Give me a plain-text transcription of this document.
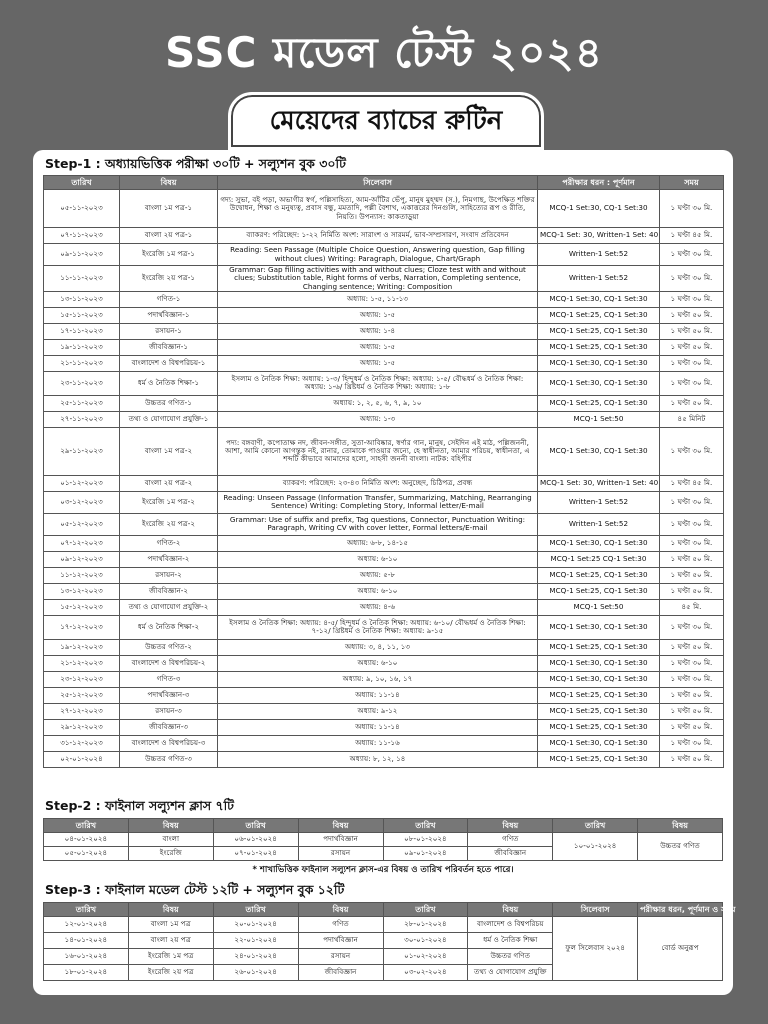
SSC মডেল টেস্ট ২০২৪
মেয়েদের ব্যাচের রুটিন
Step-1 : অধ্যায়ভিত্তিক পরীক্ষা ৩০টি + সল্যুশন বুক ৩০টি
তারিখ	বিষয়	সিলেবাস	পরীক্ষার ধরন : পূর্ণমান	সময়
০৫-১১-২০২৩	বাংলা ১ম পত্র-১	গদ্য: সুভা, বই পড়া, অভাগীর স্বর্গ, পল্লিসাহিত্য, আম-আঁটির ভেঁপু, মানুষ মুহম্মদ (স.), নিমগাছ, উপেক্ষিত শক্তির উদ্বোধন, শিক্ষা ও মনুষ্যত্ব, প্রবাস বন্ধু, মমতাদি, পল্লী বৈশাখ, একাত্তরের দিনগুলি, সাহিত্যের রূপ ও রীতি, নিয়তি। উপন্যাস: কাকতাড়ুয়া	MCQ-1 Set:30, CQ-1 Set:30	১ ঘণ্টা ৩০ মি.
০৭-১১-২০২৩	বাংলা ২য় পত্র-১	ব্যাকরণ: পরিচ্ছেদ: ১-২২ নির্মিতি অংশ: সারাংশ ও সারমর্ম, ভাব-সম্প্রসারণ, সংবাদ প্রতিবেদন	MCQ-1 Set: 30, Written-1 Set: 40	১ ঘণ্টা ৪৫ মি.
০৯-১১-২০২৩	ইংরেজি ১ম পত্র-১	Reading: Seen Passage (Multiple Choice Question, Answering question, Gap filling without clues) Writing: Paragraph, Dialogue, Chart/Graph	Written-1 Set:52	১ ঘণ্টা ৩০ মি.
১১-১১-২০২৩	ইংরেজি ২য় পত্র-১	Grammar: Gap filling activities with and without clues; Cloze test with and without clues; Substitution table, Right forms of verbs, Narration, Completing sentence, Changing sentence; Writing: Composition	Written-1 Set:52	১ ঘণ্টা ৩০ মি.
১৩-১১-২০২৩	গণিত-১	অধ্যায়: ১-৫, ১১-১৩	MCQ-1 Set:30, CQ-1 Set:30	১ ঘণ্টা ৩০ মি.
১৫-১১-২০২৩	পদার্থবিজ্ঞান-১	অধ্যায়: ১-৫	MCQ-1 Set:25, CQ-1 Set:30	১ ঘণ্টা ৫০ মি.
১৭-১১-২০২৩	রসায়ন-১	অধ্যায়: ১-৪	MCQ-1 Set:25, CQ-1 Set:30	১ ঘণ্টা ৫০ মি.
১৯-১১-২০২৩	জীববিজ্ঞান-১	অধ্যায়: ১-৫	MCQ-1 Set:25, CQ-1 Set:30	১ ঘণ্টা ৫০ মি.
২১-১১-২০২৩	বাংলাদেশ ও বিশ্বপরিচয়-১	অধ্যায়: ১-৫	MCQ-1 Set:30, CQ-1 Set:30	১ ঘণ্টা ৩০ মি.
২৩-১১-২০২৩	ধর্ম ও নৈতিক শিক্ষা-১	ইসলাম ও নৈতিক শিক্ষা: অধ্যায়: ১-৩/ হিন্দুধর্ম ও নৈতিক শিক্ষা: অধ্যায়: ১-৫/ বৌদ্ধধর্ম ও নৈতিক শিক্ষা: অধ্যায়: ১-৬/ খ্রিষ্টধর্ম ও নৈতিক শিক্ষা: অধ্যায়: ১-৮	MCQ-1 Set:30, CQ-1 Set:30	১ ঘণ্টা ৩০ মি.
২৫-১১-২০২৩	উচ্চতর গণিত-১	অধ্যায়: ১, ২, ৫, ৬, ৭, ৯, ১০	MCQ-1 Set:25, CQ-1 Set:30	১ ঘণ্টা ৫০ মি.
২৭-১১-২০২৩	তথ্য ও যোগাযোগ প্রযুক্তি-১	অধ্যায়: ১-৩	MCQ-1 Set:50	৪৫ মিনিট
২৯-১১-২০২৩	বাংলা ১ম পত্র-২	পদ্য: বঙ্গবাণী, কপোতাক্ষ নদ, জীবন-সঙ্গীত, সুতা-আবিষ্কার, স্বর্ণার গান, মানুষ, সেইদিন এই মাঠ, পল্লিজননী, আশা, আমি কোনো আগন্তুক নই, রানার, তোমাকে পাওয়ার জন্যে, হে স্বাধীনতা, আমার পরিচয়, স্বাধীনতা, এ শব্দটি কীভাবে আমাদের হলো, সাহসী জননী বাংলা। নাটক: বহিপীর	MCQ-1 Set:30, CQ-1 Set:30	১ ঘণ্টা ৩০ মি.
০১-১২-২০২৩	বাংলা ২য় পত্র-২	ব্যাকরণ: পরিচ্ছেদ: ২৩-৪৩ নির্মিতি অংশ: অনুচ্ছেদ, চিঠিপত্র, প্রবন্ধ	MCQ-1 Set: 30, Written-1 Set: 40	১ ঘণ্টা ৪৫ মি.
০৩-১২-২০২৩	ইংরেজি ১ম পত্র-২	Reading: Unseen Passage (Information Transfer, Summarizing, Matching, Rearranging Sentence) Writing: Completing Story, Informal letter/E-mail	Written-1 Set:52	১ ঘণ্টা ৩০ মি.
০৫-১২-২০২৩	ইংরেজি ২য় পত্র-২	Grammar: Use of suffix and prefix, Tag questions, Connector, Punctuation Writing: Paragraph, Writing CV with cover letter, Formal letters/E-mail	Written-1 Set:52	১ ঘণ্টা ৩০ মি.
০৭-১২-২০২৩	গণিত-২	অধ্যায়: ৬-৮, ১৪-১৫	MCQ-1 Set:30, CQ-1 Set:30	১ ঘণ্টা ৩০ মি.
০৯-১২-২০২৩	পদার্থবিজ্ঞান-২	অধ্যায়: ৬-১০	MCQ-1 Set:25 CQ-1 Set:30	১ ঘণ্টা ৫০ মি.
১১-১২-২০২৩	রসায়ন-২	অধ্যায়: ৫-৮	MCQ-1 Set:25, CQ-1 Set:30	১ ঘণ্টা ৫০ মি.
১৩-১২-২০২৩	জীববিজ্ঞান-২	অধ্যায়: ৬-১০	MCQ-1 Set:25, CQ-1 Set:30	১ ঘণ্টা ৫০ মি.
১৫-১২-২০২৩	তথ্য ও যোগাযোগ প্রযুক্তি-২	অধ্যায়: ৪-৬	MCQ-1 Set:50	৪৫ মি.
১৭-১২-২০২৩	ধর্ম ও নৈতিক শিক্ষা-২	ইসলাম ও নৈতিক শিক্ষা: অধ্যায়: ৪-৫/ হিন্দুধর্ম ও নৈতিক শিক্ষা: অধ্যায়: ৬-১০/ বৌদ্ধধর্ম ও নৈতিক শিক্ষা: ৭-১২/ খ্রিষ্টধর্ম ও নৈতিক শিক্ষা: অধ্যায়: ৯-১৫	MCQ-1 Set:30, CQ-1 Set:30	১ ঘণ্টা ৩০ মি.
১৯-১২-২০২৩	উচ্চতর গণিত-২	অধ্যায়: ৩, ৪, ১১, ১৩	MCQ-1 Set:25, CQ-1 Set:30	১ ঘণ্টা ৫০ মি.
২১-১২-২০২৩	বাংলাদেশ ও বিশ্বপরিচয়-২	অধ্যায়: ৬-১০	MCQ-1 Set:30, CQ-1 Set:30	১ ঘণ্টা ৩০ মি.
২৩-১২-২০২৩	গণিত-৩	অধ্যায়: ৯, ১০, ১৬, ১৭	MCQ-1 Set:30, CQ-1 Set:30	১ ঘণ্টা ৩০ মি.
২৫-১২-২০২৩	পদার্থবিজ্ঞান-৩	অধ্যায়: ১১-১৪	MCQ-1 Set:25, CQ-1 Set:30	১ ঘণ্টা ৫০ মি.
২৭-১২-২০২৩	রসায়ন-৩	অধ্যায়: ৯-১২	MCQ-1 Set:25, CQ-1 Set:30	১ ঘণ্টা ৫০ মি.
২৯-১২-২০২৩	জীববিজ্ঞান-৩	অধ্যায়: ১১-১৪	MCQ-1 Set:25, CQ-1 Set:30	১ ঘণ্টা ৫০ মি.
৩১-১২-২০২৩	বাংলাদেশ ও বিশ্বপরিচয়-৩	অধ্যায়: ১১-১৬	MCQ-1 Set:30, CQ-1 Set:30	১ ঘণ্টা ৩০ মি.
০২-০১-২০২৪	উচ্চতর গণিত-৩	অধ্যায়: ৮, ১২, ১৪	MCQ-1 Set:25, CQ-1 Set:30	১ ঘণ্টা ৫০ মি.
Step-2 : ফাইনাল সল্যুশন ক্লাস ৭টি
তারিখ	বিষয়	তারিখ	বিষয়	তারিখ	বিষয়	তারিখ	বিষয়
০৪-০১-২০২৪	বাংলা	০৬-০১-২০২৪	পদার্থবিজ্ঞান	০৮-০১-২০২৪	গণিত	১০-০১-২০২৪	উচ্চতর গণিত
০৫-০১-২০২৪	ইংরেজি	০৭-০১-২০২৪	রসায়ন	০৯-০১-২০২৪	জীববিজ্ঞান		
* শাখাভিত্তিক ফাইনাল সল্যুশন ক্লাস-এর বিষয় ও তারিখ পরিবর্তন হতে পারে।
Step-3 : ফাইনাল মডেল টেস্ট ১২টি + সল্যুশন বুক ১২টি
তারিখ	বিষয়	তারিখ	বিষয়	তারিখ	বিষয়	সিলেবাস	পরীক্ষার ধরন, পূর্ণমান ও সময়
১২-০১-২০২৪	বাংলা ১ম পত্র	২০-০১-২০২৪	গণিত	২৮-০১-২০২৪	বাংলাদেশ ও বিশ্বপরিচয়	ফুল সিলেবাস ২০২৪	বোর্ড অনুরূপ
১৪-০১-২০২৪	বাংলা ২য় পত্র	২২-০১-২০২৪	পদার্থবিজ্ঞান	৩০-০১-২০২৪	ধর্ম ও নৈতিক শিক্ষা		
১৬-০১-২০২৪	ইংরেজি ১ম পত্র	২৪-০১-২০২৪	রসায়ন	০১-০২-২০২৪	উচ্চতর গণিত		
১৮-০১-২০২৪	ইংরেজি ২য় পত্র	২৬-০১-২০২৪	জীববিজ্ঞান	০৩-০২-২০২৪	তথ্য ও যোগাযোগ প্রযুক্তি		
